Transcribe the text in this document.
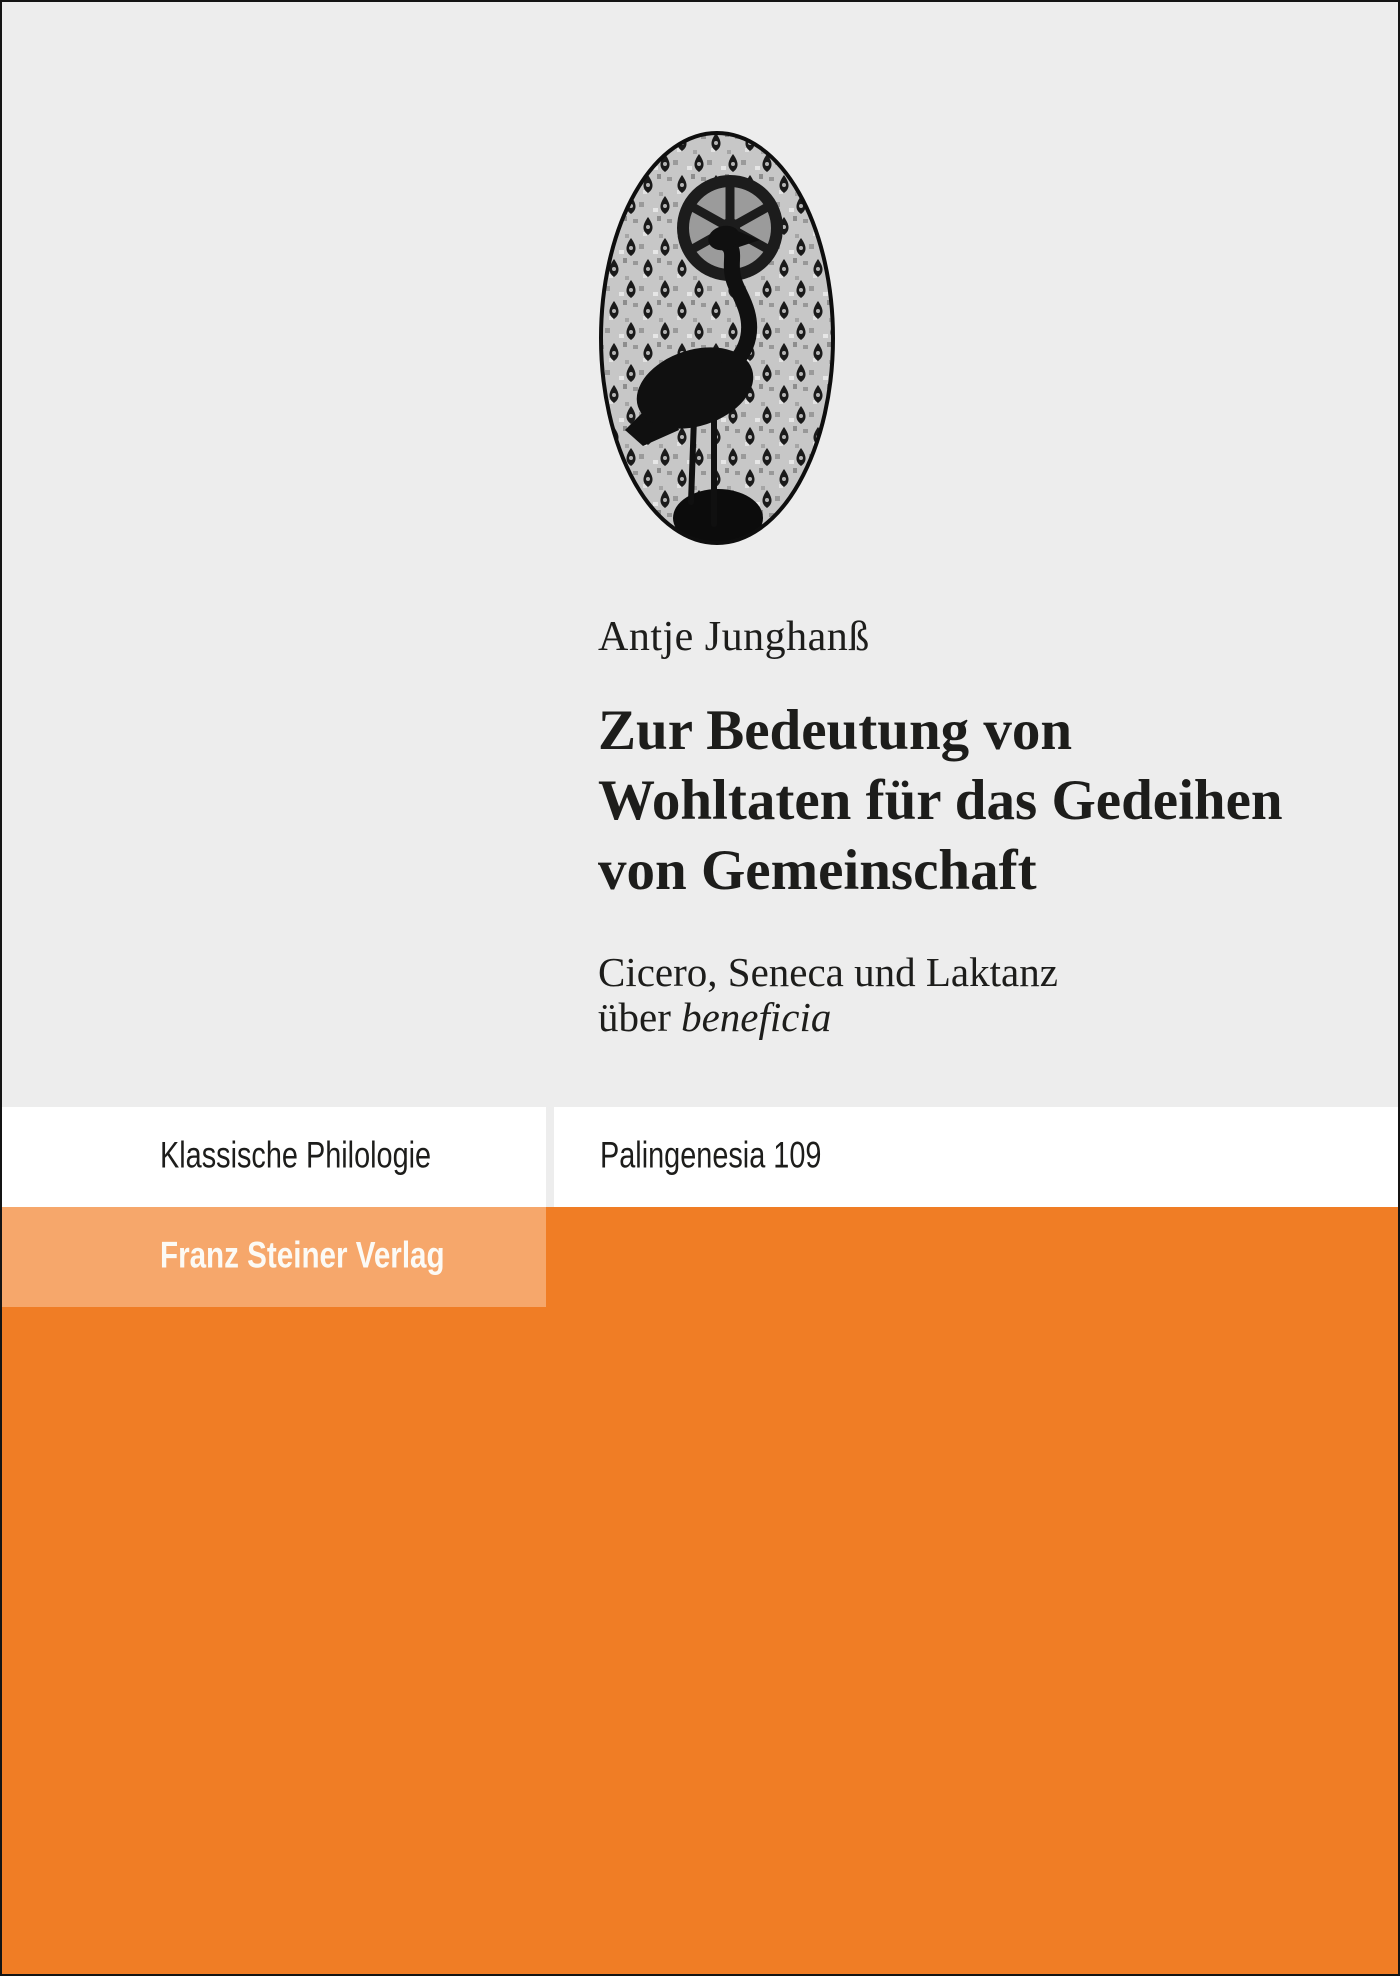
Antje Junghanß
Zur Bedeutung von
Wohltaten für das Gedeihen
von Gemeinschaft
Cicero, Seneca und Laktanz
über beneficia
Klassische Philologie	Palingenesia 109
Franz Steiner Verlag
